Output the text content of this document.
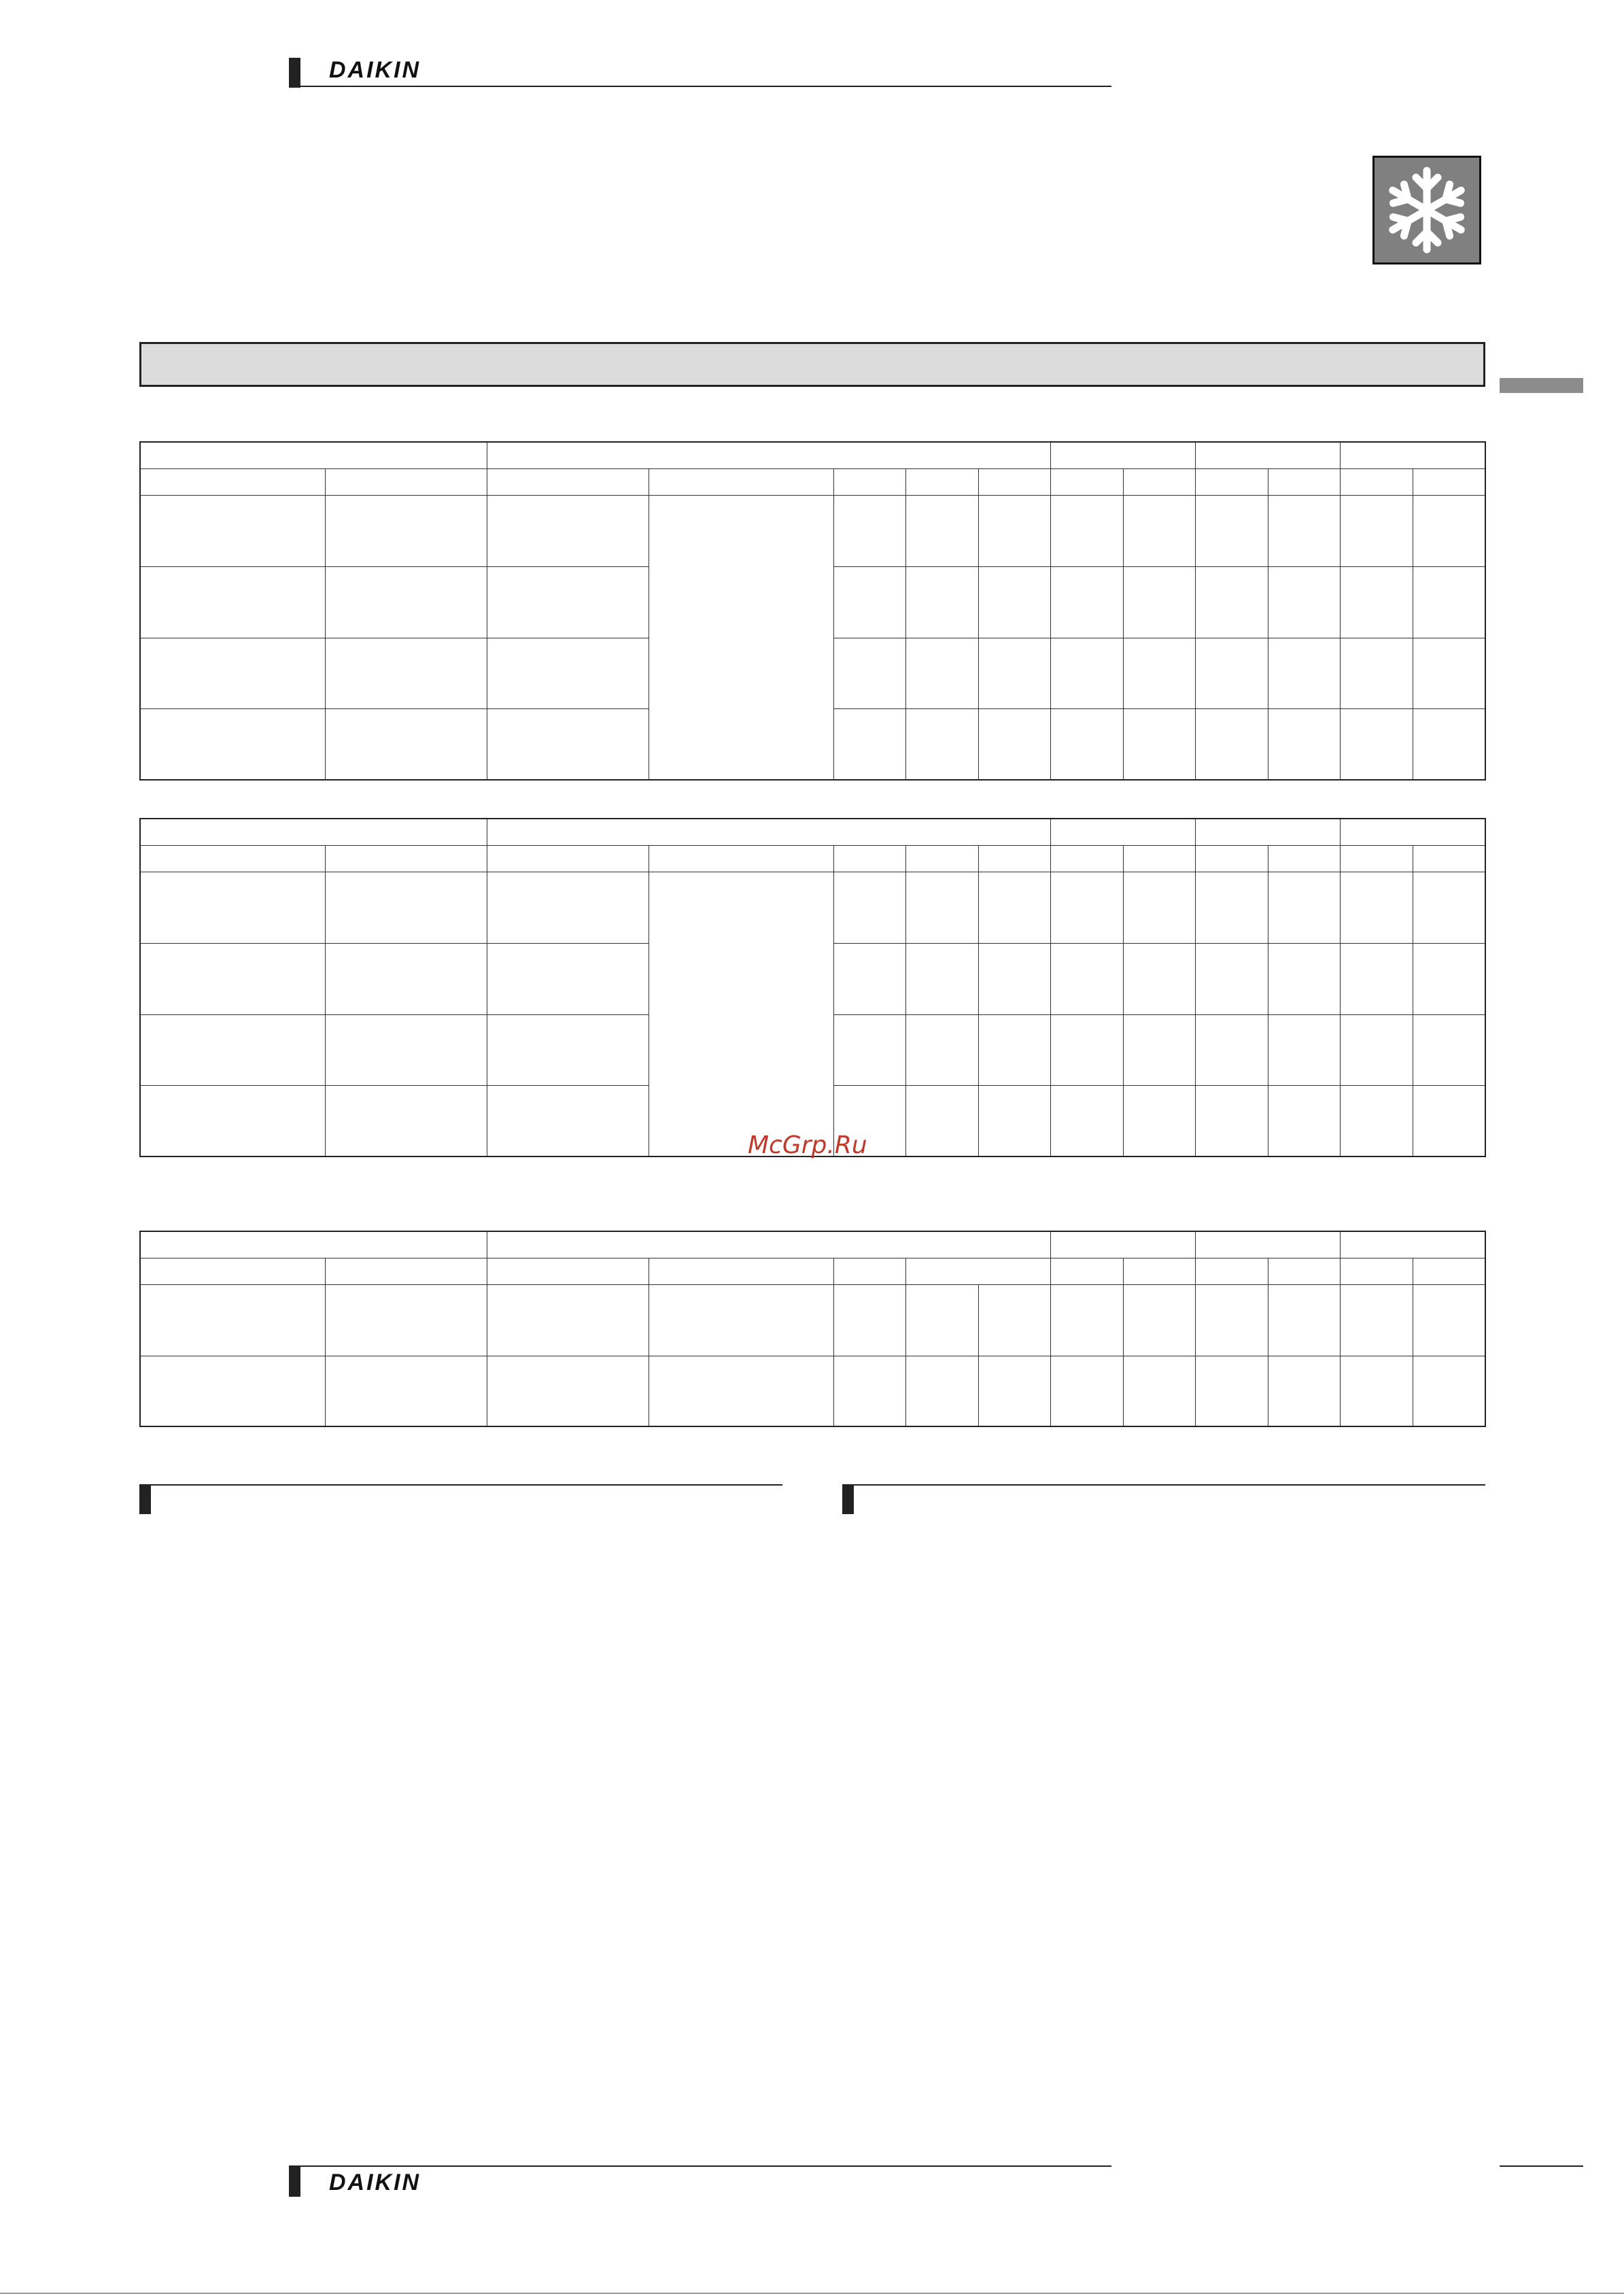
DAIKIN

McGrp.Ru

DAIKIN
